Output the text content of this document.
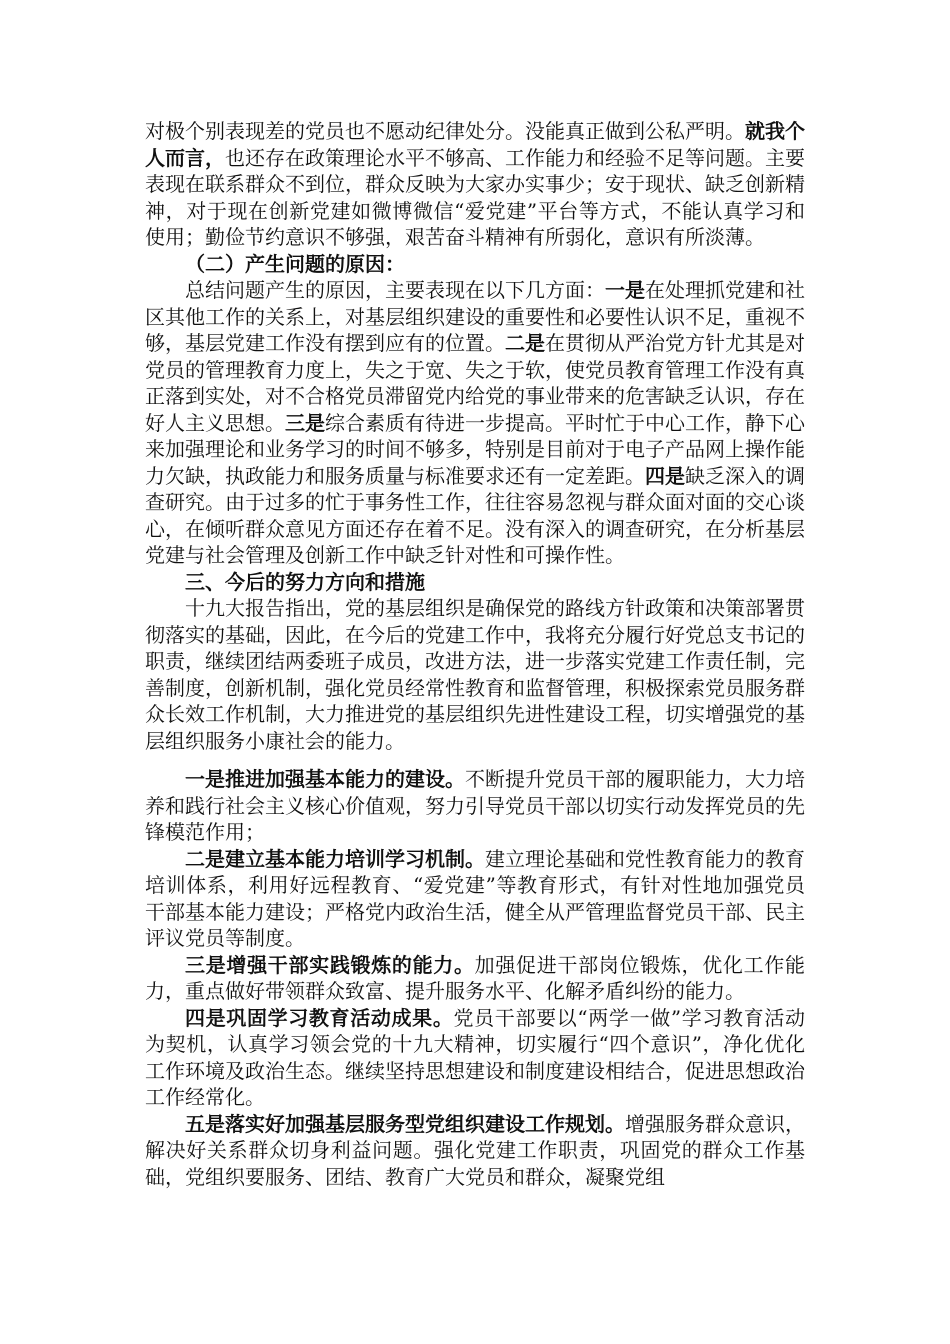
对极个别表现差的党员也不愿动纪律处分。没能真正做到公私严明。就我个人而言，也还存在政策理论水平不够高、工作能力和经验不足等问题。主要表现在联系群众不到位，群众反映为大家办实事少；安于现状、缺乏创新精神，对于现在创新党建如微博微信“爱党建”平台等方式，不能认真学习和使用；勤俭节约意识不够强，艰苦奋斗精神有所弱化，意识有所淡薄。

（二）产生问题的原因：

总结问题产生的原因，主要表现在以下几方面：一是在处理抓党建和社区其他工作的关系上，对基层组织建设的重要性和必要性认识不足，重视不够，基层党建工作没有摆到应有的位置。二是在贯彻从严治党方针尤其是对党员的管理教育力度上，失之于宽、失之于软，使党员教育管理工作没有真正落到实处，对不合格党员滞留党内给党的事业带来的危害缺乏认识，存在好人主义思想。三是综合素质有待进一步提高。平时忙于中心工作，静下心来加强理论和业务学习的时间不够多，特别是目前对于电子产品网上操作能力欠缺，执政能力和服务质量与标准要求还有一定差距。四是缺乏深入的调查研究。由于过多的忙于事务性工作，往往容易忽视与群众面对面的交心谈心，在倾听群众意见方面还存在着不足。没有深入的调查研究，在分析基层党建与社会管理及创新工作中缺乏针对性和可操作性。

三、今后的努力方向和措施

十九大报告指出，党的基层组织是确保党的路线方针政策和决策部署贯彻落实的基础，因此，在今后的党建工作中，我将充分履行好党总支书记的职责，继续团结两委班子成员，改进方法，进一步落实党建工作责任制，完善制度，创新机制，强化党员经常性教育和监督管理，积极探索党员服务群众长效工作机制，大力推进党的基层组织先进性建设工程，切实增强党的基层组织服务小康社会的能力。

一是推进加强基本能力的建设。不断提升党员干部的履职能力，大力培养和践行社会主义核心价值观，努力引导党员干部以切实行动发挥党员的先锋模范作用；

二是建立基本能力培训学习机制。建立理论基础和党性教育能力的教育培训体系，利用好远程教育、“爱党建”等教育形式，有针对性地加强党员干部基本能力建设；严格党内政治生活，健全从严管理监督党员干部、民主评议党员等制度。

三是增强干部实践锻炼的能力。加强促进干部岗位锻炼，优化工作能力，重点做好带领群众致富、提升服务水平、化解矛盾纠纷的能力。

四是巩固学习教育活动成果。党员干部要以“两学一做”学习教育活动为契机，认真学习领会党的十九大精神，切实履行“四个意识”，净化优化工作环境及政治生态。继续坚持思想建设和制度建设相结合，促进思想政治工作经常化。

五是落实好加强基层服务型党组织建设工作规划。增强服务群众意识，解决好关系群众切身利益问题。强化党建工作职责，巩固党的群众工作基础，党组织要服务、团结、教育广大党员和群众，凝聚党组
